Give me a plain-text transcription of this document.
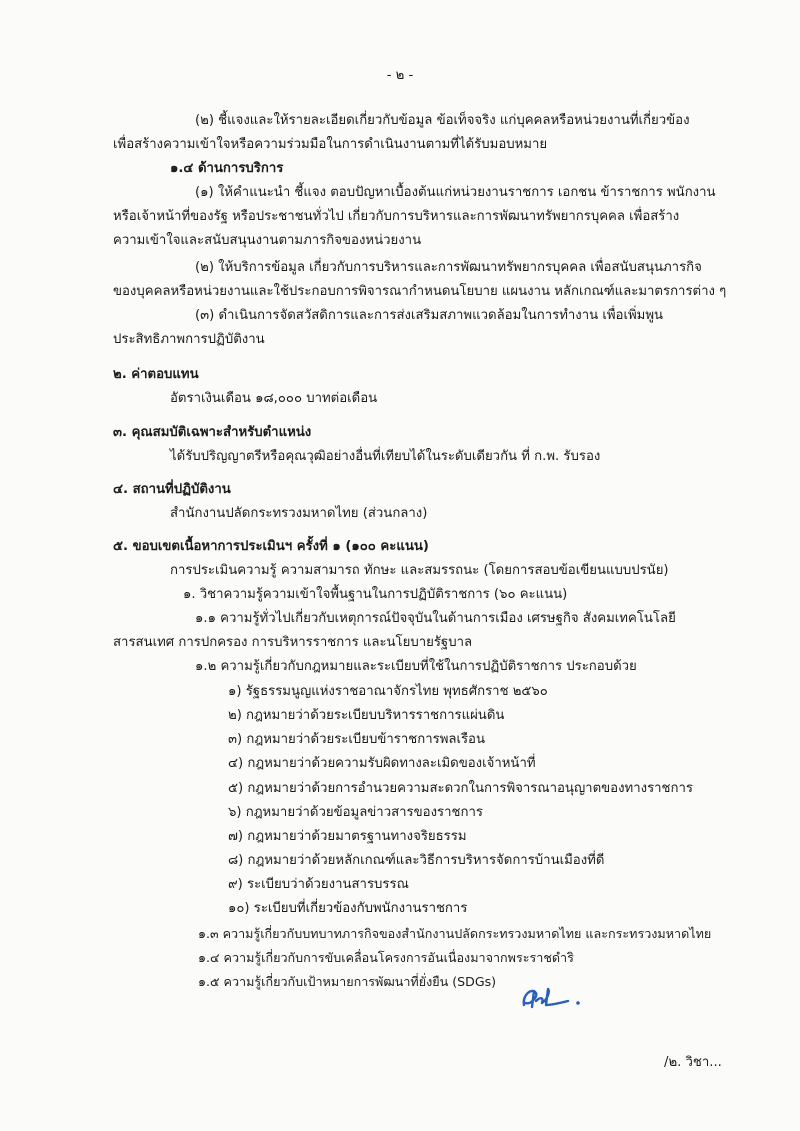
- ๒ -
(๒) ชี้แจงและให้รายละเอียดเกี่ยวกับข้อมูล ข้อเท็จจริง แก่บุคคลหรือหน่วยงานที่เกี่ยวข้อง
เพื่อสร้างความเข้าใจหรือความร่วมมือในการดำเนินงานตามที่ได้รับมอบหมาย
๑.๔ ด้านการบริการ
(๑) ให้คำแนะนำ ชี้แจง ตอบปัญหาเบื้องต้นแก่หน่วยงานราชการ เอกชน ข้าราชการ พนักงาน
หรือเจ้าหน้าที่ของรัฐ หรือประชาชนทั่วไป เกี่ยวกับการบริหารและการพัฒนาทรัพยากรบุคคล เพื่อสร้าง
ความเข้าใจและสนับสนุนงานตามภารกิจของหน่วยงาน
(๒) ให้บริการข้อมูล เกี่ยวกับการบริหารและการพัฒนาทรัพยากรบุคคล เพื่อสนับสนุนภารกิจ
ของบุคคลหรือหน่วยงานและใช้ประกอบการพิจารณากำหนดนโยบาย แผนงาน หลักเกณฑ์และมาตรการต่าง ๆ
(๓) ดำเนินการจัดสวัสดิการและการส่งเสริมสภาพแวดล้อมในการทำงาน เพื่อเพิ่มพูน
ประสิทธิภาพการปฏิบัติงาน
๒. ค่าตอบแทน
อัตราเงินเดือน ๑๘,๐๐๐ บาทต่อเดือน
๓. คุณสมบัติเฉพาะสำหรับตำแหน่ง
ได้รับปริญญาตรีหรือคุณวุฒิอย่างอื่นที่เทียบได้ในระดับเดียวกัน ที่ ก.พ. รับรอง
๔. สถานที่ปฏิบัติงาน
สำนักงานปลัดกระทรวงมหาดไทย (ส่วนกลาง)
๕. ขอบเขตเนื้อหาการประเมินฯ ครั้งที่ ๑ (๑๐๐ คะแนน)
การประเมินความรู้ ความสามารถ ทักษะ และสมรรถนะ (โดยการสอบข้อเขียนแบบปรนัย)
๑. วิชาความรู้ความเข้าใจพื้นฐานในการปฏิบัติราชการ (๖๐ คะแนน)
๑.๑ ความรู้ทั่วไปเกี่ยวกับเหตุการณ์ปัจจุบันในด้านการเมือง เศรษฐกิจ สังคมเทคโนโลยี
สารสนเทศ การปกครอง การบริหารราชการ และนโยบายรัฐบาล
๑.๒ ความรู้เกี่ยวกับกฎหมายและระเบียบที่ใช้ในการปฏิบัติราชการ ประกอบด้วย
๑) รัฐธรรมนูญแห่งราชอาณาจักรไทย พุทธศักราช ๒๕๖๐
๒) กฎหมายว่าด้วยระเบียบบริหารราชการแผ่นดิน
๓) กฎหมายว่าด้วยระเบียบข้าราชการพลเรือน
๔) กฎหมายว่าด้วยความรับผิดทางละเมิดของเจ้าหน้าที่
๕) กฎหมายว่าด้วยการอำนวยความสะดวกในการพิจารณาอนุญาตของทางราชการ
๖) กฎหมายว่าด้วยข้อมูลข่าวสารของราชการ
๗) กฎหมายว่าด้วยมาตรฐานทางจริยธรรม
๘) กฎหมายว่าด้วยหลักเกณฑ์และวิธีการบริหารจัดการบ้านเมืองที่ดี
๙) ระเบียบว่าด้วยงานสารบรรณ
๑๐) ระเบียบที่เกี่ยวข้องกับพนักงานราชการ
๑.๓ ความรู้เกี่ยวกับบทบาทภารกิจของสำนักงานปลัดกระทรวงมหาดไทย และกระทรวงมหาดไทย
๑.๔ ความรู้เกี่ยวกับการขับเคลื่อนโครงการอันเนื่องมาจากพระราชดำริ
๑.๕ ความรู้เกี่ยวกับเป้าหมายการพัฒนาที่ยั่งยืน (SDGs)
/๒. วิชา...
